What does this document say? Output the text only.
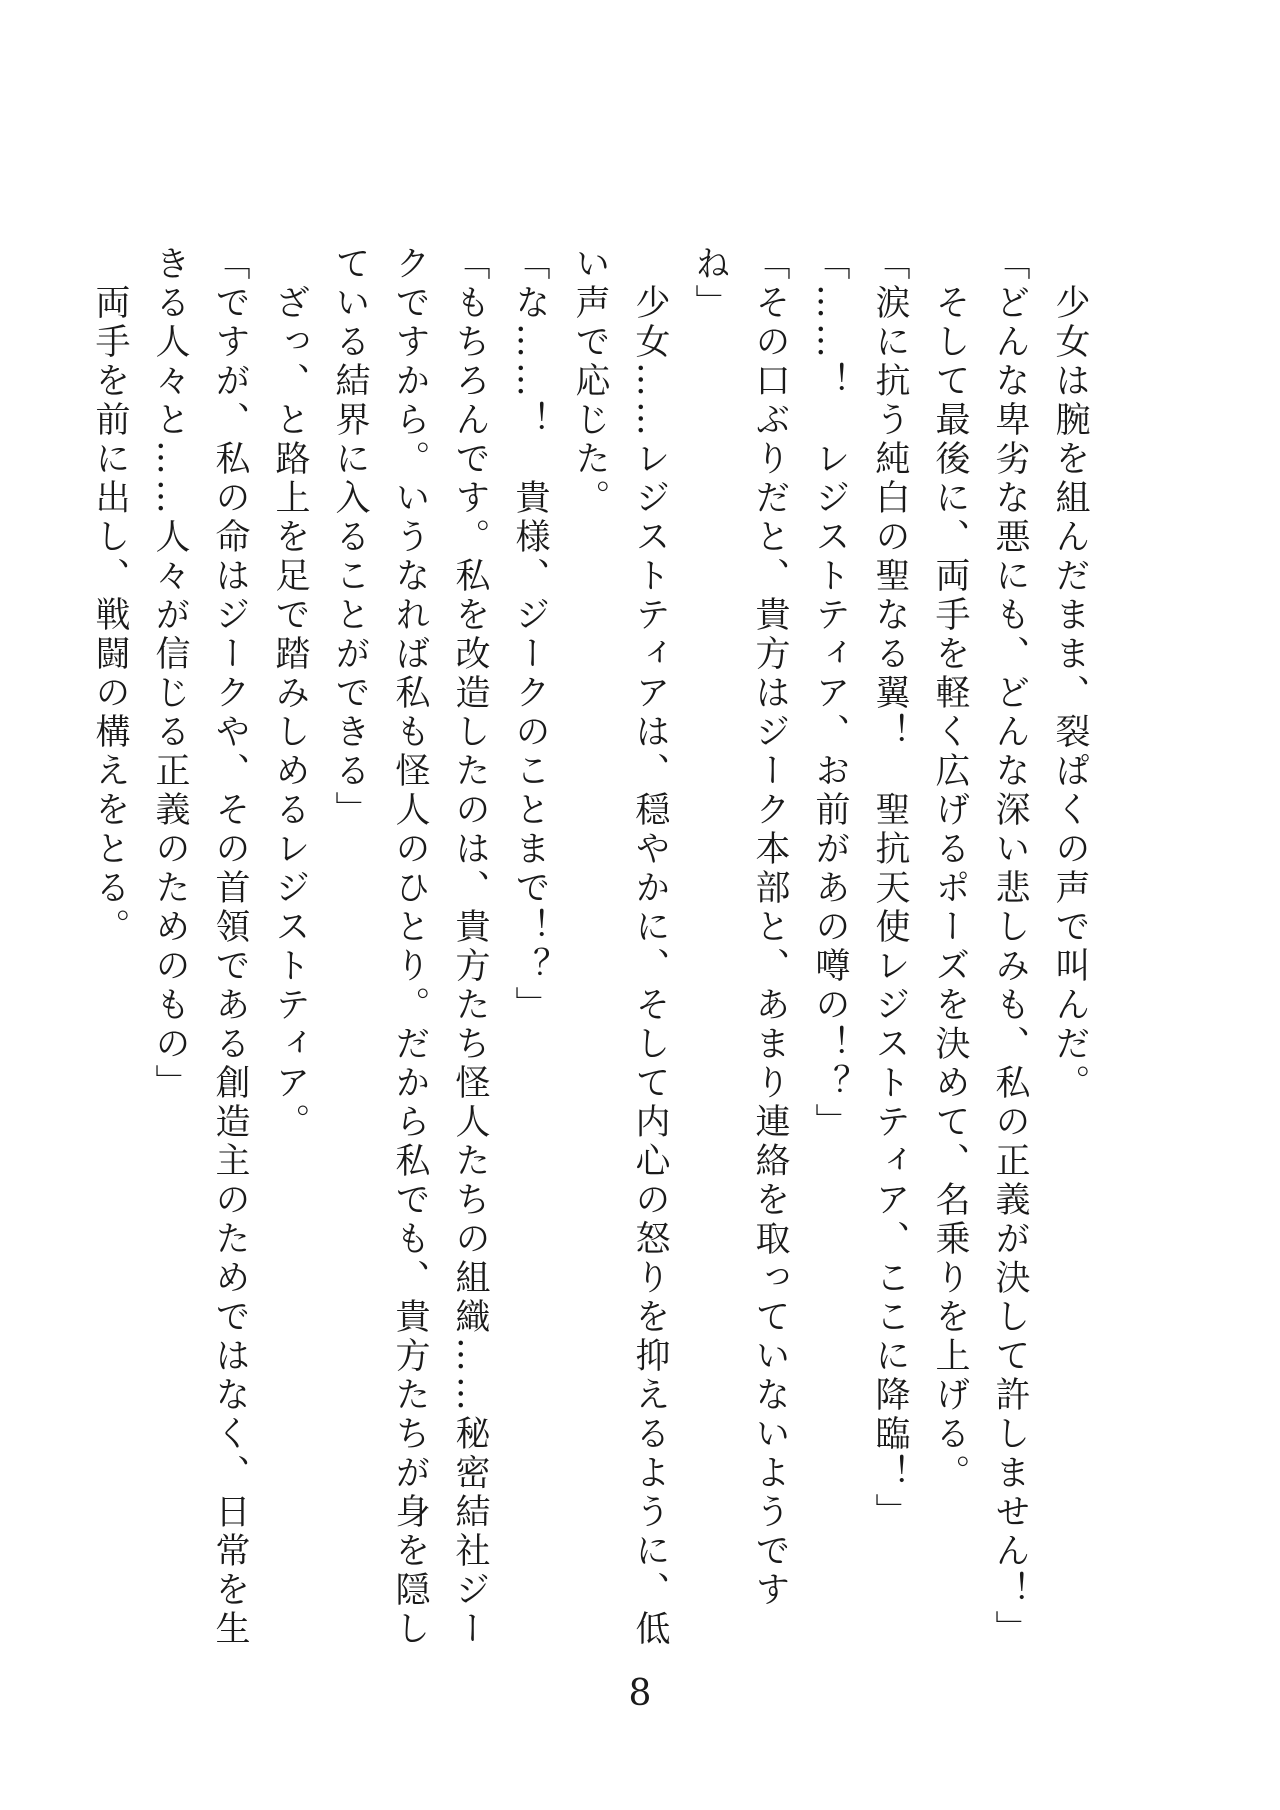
　少女は腕を組んだまま、裂ぱくの声で叫んだ。

「どんな卑劣な悪にも、どんな深い悲しみも、私の正義が決して許しません！」

　そして最後に、両手を軽く広げるポーズを決めて、名乗りを上げる。

「涙に抗う純白の聖なる翼！　聖抗天使レジストティア、ここに降臨！」

「……！　レジストティア、お前があの噂の！？」

「その口ぶりだと、貴方はジーク本部と、あまり連絡を取っていないようですね」

　少女……レジストティアは、穏やかに、そして内心の怒りを抑えるように、低い声で応じた。

「な……！　貴様、ジークのことまで！？」

「もちろんです。私を改造したのは、貴方たち怪人たちの組織……秘密結社ジークですから。いうなれば私も怪人のひとり。だから私でも、貴方たちが身を隠している結界に入ることができる」

　ざっ、と路上を足で踏みしめるレジストティア。

「ですが、私の命はジークや、その首領である創造主のためではなく、日常を生きる人々と……人々が信じる正義のためのもの」

　両手を前に出し、戦闘の構えをとる。

8
